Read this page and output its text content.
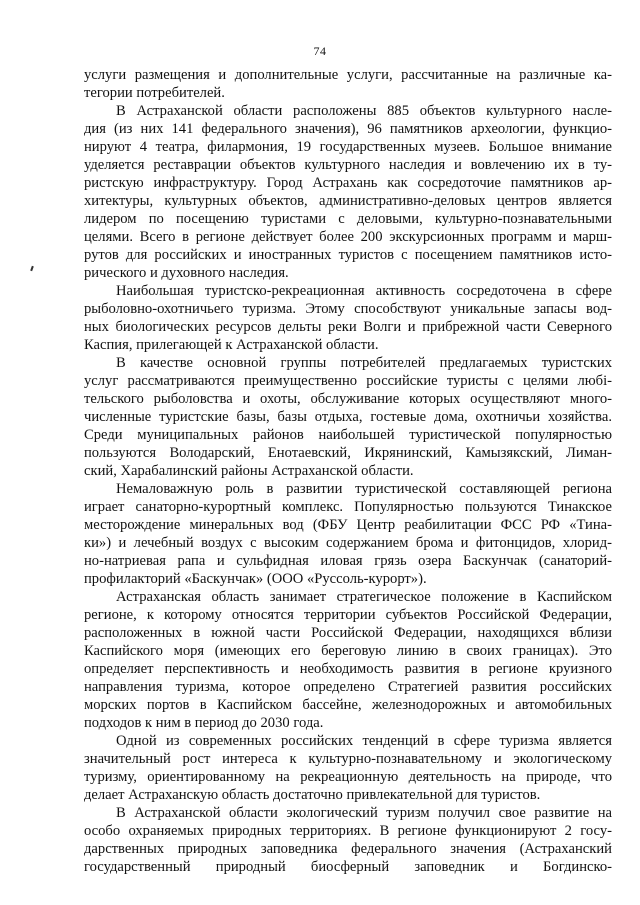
74
услуги размещения и дополнительные услуги, рассчитанные на различные ка-
тегории потребителей.
В Астраханской области расположены 885 объектов культурного насле-
дия (из них 141 федерального значения), 96 памятников археологии, функцио-
нируют 4 театра, филармония, 19 государственных музеев. Большое внимание
уделяется реставрации объектов культурного наследия и вовлечению их в ту-
ристскую инфраструктуру. Город Астрахань как сосредоточие памятников ар-
хитектуры, культурных объектов, административно-деловых центров является
лидером по посещению туристами с деловыми, культурно-познавательными
целями. Всего в регионе действует более 200 экскурсионных программ и марш-
рутов для российских и иностранных туристов с посещением памятников исто-
рического и духовного наследия.
Наибольшая туристско-рекреационная активность сосредоточена в сфере
рыболовно-охотничьего туризма. Этому способствуют уникальные запасы вод-
ных биологических ресурсов дельты реки Волги и прибрежной части Северного
Каспия, прилегающей к Астраханской области.
В качестве основной группы потребителей предлагаемых туристских
услуг рассматриваются преимущественно российские туристы с целями любi-
тельского рыболовства и охоты, обслуживание которых осуществляют много-
численные туристские базы, базы отдыха, гостевые дома, охотничьи хозяйства.
Среди муниципальных районов наибольшей туристической популярностью
пользуются Володарский, Енотаевский, Икрянинский, Камызякский, Лиман-
ский, Харабалинский районы Астраханской области.
Немаловажную роль в развитии туристической составляющей региона
играет санаторно-курортный комплекс. Популярностью пользуются Тинакское
месторождение минеральных вод (ФБУ Центр реабилитации ФСС РФ «Тина-
ки») и лечебный воздух с высоким содержанием брома и фитонцидов, хлорид-
но-натриевая рапа и сульфидная иловая грязь озера Баскунчак (санаторий-
профилакторий «Баскунчак» (ООО «Руссоль-курорт»).
Астраханская область занимает стратегическое положение в Каспийском
регионе, к которому относятся территории субъектов Российской Федерации,
расположенных в южной части Российской Федерации, находящихся вблизи
Каспийского моря (имеющих его береговую линию в своих границах). Это
определяет перспективность и необходимость развития в регионе круизного
направления туризма, которое определено Стратегией развития российских
морских портов в Каспийском бассейне, железнодорожных и автомобильных
подходов к ним в период до 2030 года.
Одной из современных российских тенденций в сфере туризма является
значительный рост интереса к культурно-познавательному и экологическому
туризму, ориентированному на рекреационную деятельность на природе, что
делает Астраханскую область достаточно привлекательной для туристов.
В Астраханской области экологический туризм получил свое развитие на
особо охраняемых природных территориях. В регионе функционируют 2 госу-
дарственных природных заповедника федерального значения (Астраханский
государственный природный биосферный заповедник и Богдинско-
